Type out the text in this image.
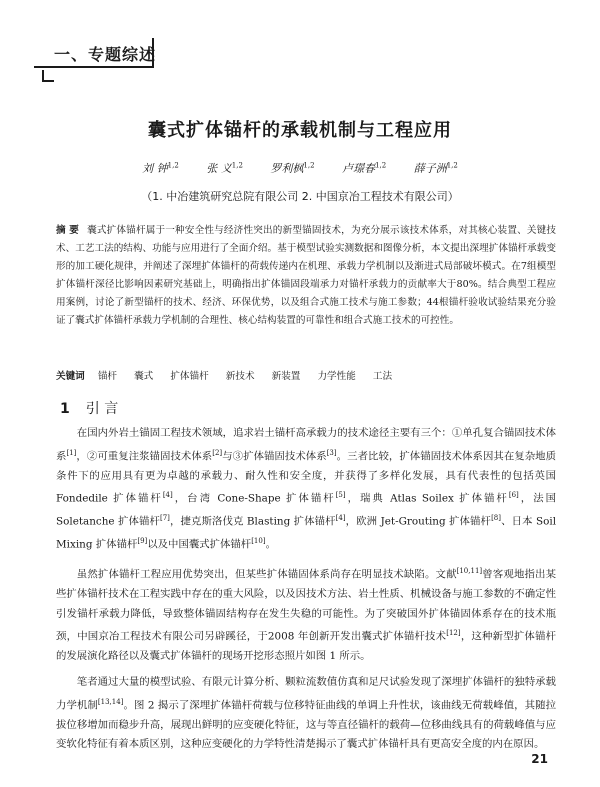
一、专题综述
囊式扩体锚杆的承载机制与工程应用
刘 钟$^{1,2}$	张 义$^{1,2}$	罗利枫$^{1,2}$	卢璟春$^{1,2}$	薛子洲$^{1,2}$
（1. 中冶建筑研究总院有限公司 2. 中国京冶工程技术有限公司）
摘 要 囊式扩体锚杆属于一种安全性与经济性突出的新型锚固技术，为充分展示该技术体系，对其核心装置、关键技术、工艺工法的结构、功能与应用进行了全面介绍。基于模型试验实测数据和图像分析，本文提出深埋扩体锚杆承载变形的加工硬化规律，并阐述了深埋扩体锚杆的荷载传递内在机理、承载力学机制以及渐进式局部破坏模式。在7组模型扩体锚杆深径比影响因素研究基础上，明确指出扩体锚固段端承力对锚杆承载力的贡献率大于80%。结合典型工程应用案例，讨论了新型锚杆的技术、经济、环保优势，以及组合式施工技术与施工参数；44根锚杆验收试验结果充分验证了囊式扩体锚杆承载力学机制的合理性、核心结构装置的可靠性和组合式施工技术的可控性。
关键词 锚杆 囊式 扩体锚杆 新技术 新装置 力学性能 工法
1 引 言

在国内外岩土锚固工程技术领域，追求岩土锚杆高承载力的技术途径主要有三个：①单孔复合锚固技术体系[1]，②可重复注浆锚固技术体系[2]与③扩体锚固技术体系[3]。三者比较，扩体锚固技术体系因其在复杂地质条件下的应用具有更为卓越的承载力、耐久性和安全度，并获得了多样化发展，具有代表性的包括英国 Fondedile 扩体锚杆[4]，台湾 Cone-Shape 扩体锚杆[5]，瑞典 Atlas Soilex 扩体锚杆[6]，法国 Soletanche 扩体锚杆[7]，捷克斯洛伐克 Blasting 扩体锚杆[4]，欧洲 Jet-Grouting 扩体锚杆[8]、日本 Soil Mixing 扩体锚杆[9]以及中国囊式扩体锚杆[10]。

虽然扩体锚杆工程应用优势突出，但某些扩体锚固体系尚存在明显技术缺陷。文献[10,11]曾客观地指出某些扩体锚杆技术在工程实践中存在的重大风险，以及因技术方法、岩土性质、机械设备与施工参数的不确定性引发锚杆承载力降低，导致整体锚固结构存在发生失稳的可能性。为了突破国外扩体锚固体系存在的技术瓶颈，中国京冶工程技术有限公司另辟蹊径，于2008 年创新开发出囊式扩体锚杆技术[12]，这种新型扩体锚杆的发展演化路径以及囊式扩体锚杆的现场开挖形态照片如图 1 所示。

笔者通过大量的模型试验、有限元计算分析、颗粒流数值仿真和足尺试验发现了深埋扩体锚杆的独特承载力学机制[13,14]。图 2 揭示了深埋扩体锚杆荷载与位移特征曲线的单调上升性状，该曲线无荷载峰值，其随拉拔位移增加而稳步升高，展现出鲜明的应变硬化特征，这与等直径锚杆的载荷—位移曲线具有的荷载峰值与应变软化特征有着本质区别，这种应变硬化的力学特性清楚揭示了囊式扩体锚杆具有更高安全度的内在原因。

21
